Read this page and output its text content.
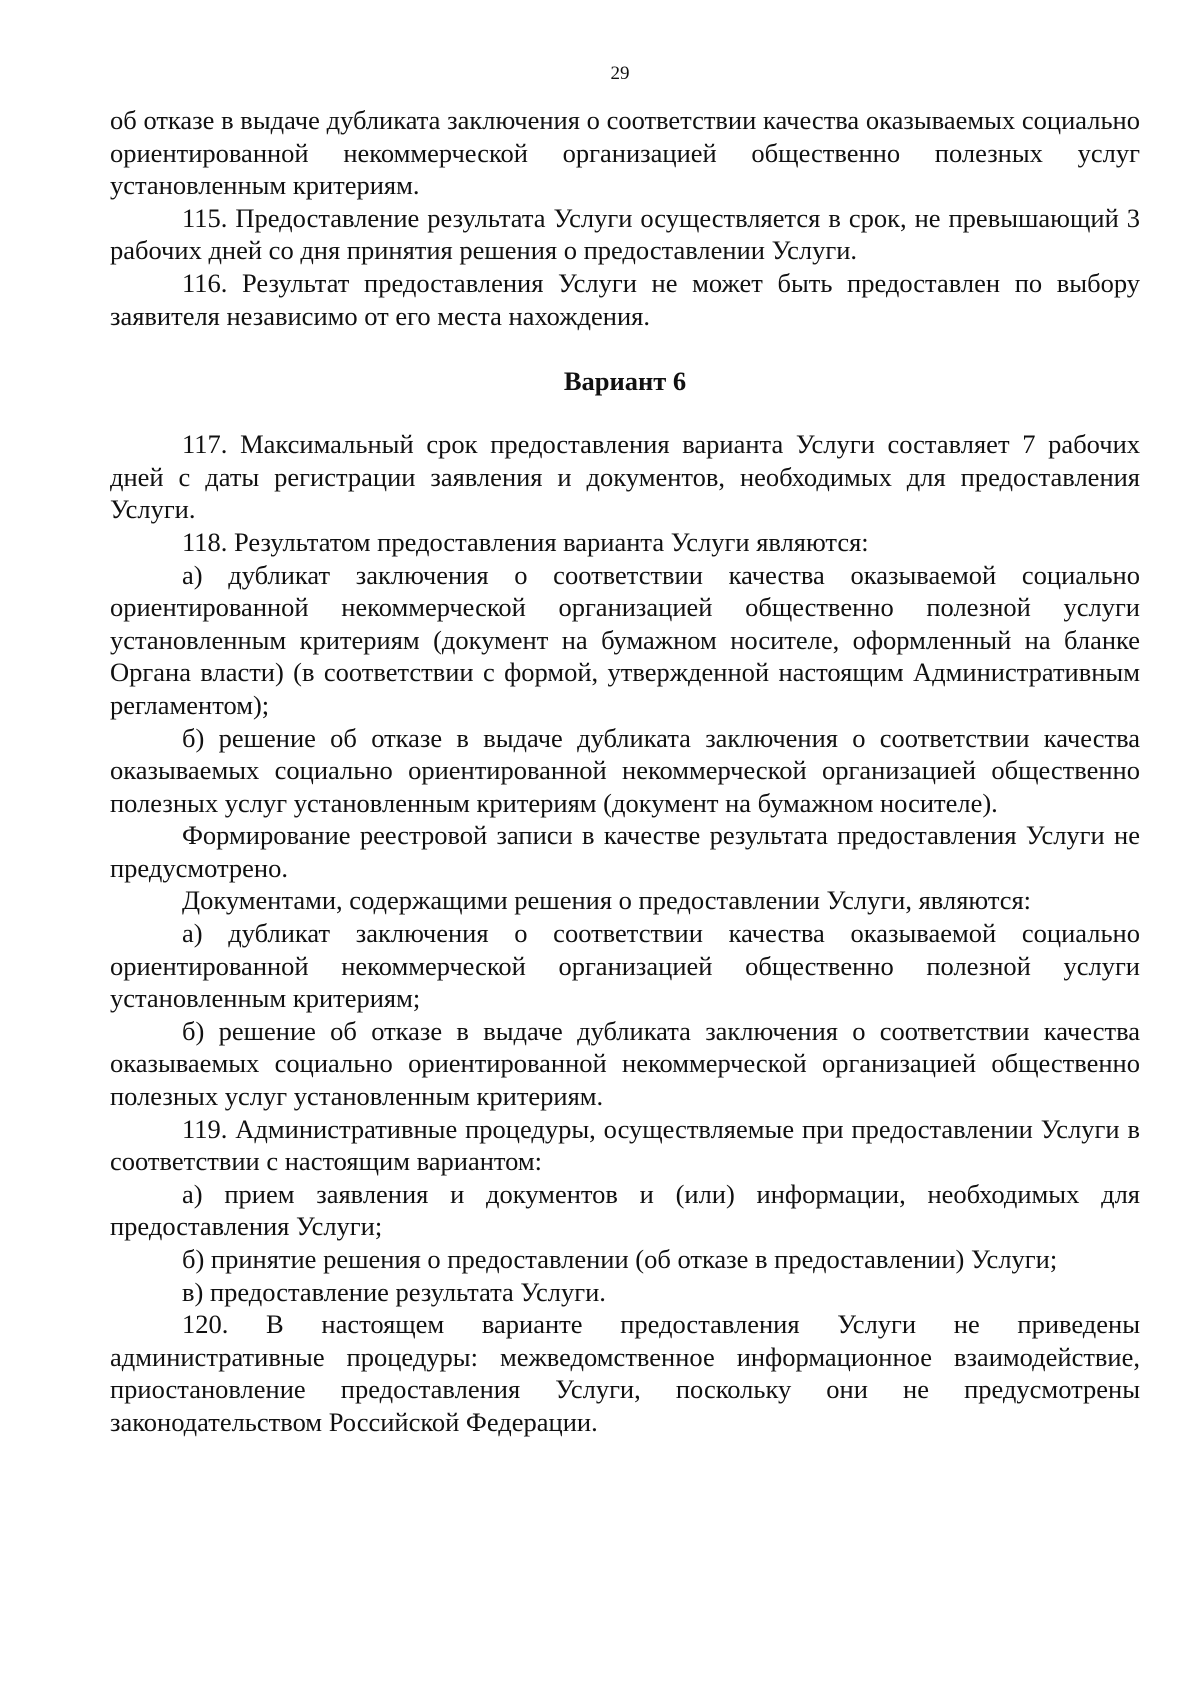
29

об отказе в выдаче дубликата заключения о соответствии качества оказываемых социально ориентированной некоммерческой организацией общественно полезных услуг установленным критериям.

115. Предоставление результата Услуги осуществляется в срок, не превышающий 3 рабочих дней со дня принятия решения о предоставлении Услуги.

116. Результат предоставления Услуги не может быть предоставлен по выбору заявителя независимо от его места нахождения.

Вариант 6

117. Максимальный срок предоставления варианта Услуги составляет 7 рабочих дней с даты регистрации заявления и документов, необходимых для предоставления Услуги.

118. Результатом предоставления варианта Услуги являются:

а) дубликат заключения о соответствии качества оказываемой социально ориентированной некоммерческой организацией общественно полезной услуги установленным критериям (документ на бумажном носителе, оформленный на бланке Органа власти) (в соответствии с формой, утвержденной настоящим Административным регламентом);

б) решение об отказе в выдаче дубликата заключения о соответствии качества оказываемых социально ориентированной некоммерческой организацией общественно полезных услуг установленным критериям (документ на бумажном носителе).

Формирование реестровой записи в качестве результата предоставления Услуги не предусмотрено.

Документами, содержащими решения о предоставлении Услуги, являются:

а) дубликат заключения о соответствии качества оказываемой социально ориентированной некоммерческой организацией общественно полезной услуги установленным критериям;

б) решение об отказе в выдаче дубликата заключения о соответствии качества оказываемых социально ориентированной некоммерческой организацией общественно полезных услуг установленным критериям.

119. Административные процедуры, осуществляемые при предоставлении Услуги в соответствии с настоящим вариантом:

а) прием заявления и документов и (или) информации, необходимых для предоставления Услуги;

б) принятие решения о предоставлении (об отказе в предоставлении) Услуги;

в) предоставление результата Услуги.

120. В настоящем варианте предоставления Услуги не приведены административные процедуры: межведомственное информационное взаимодействие, приостановление предоставления Услуги, поскольку они не предусмотрены законодательством Российской Федерации.
